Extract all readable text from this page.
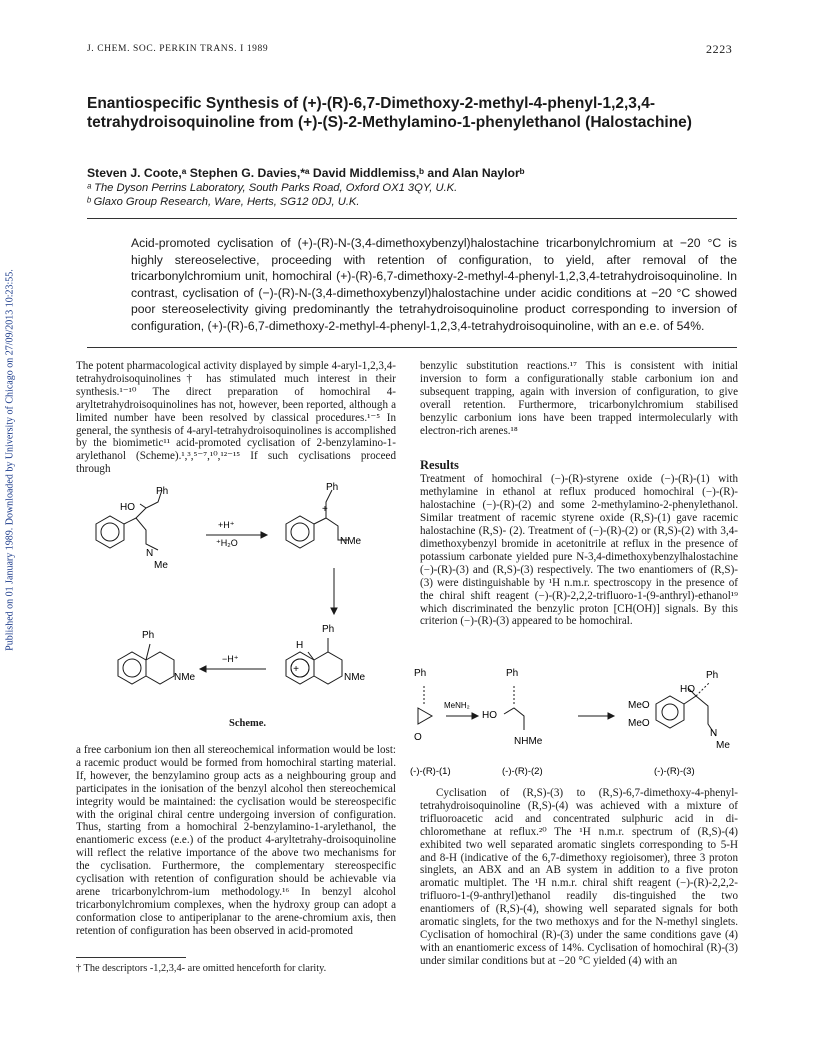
Published on 01 January 1989. Downloaded by University of Chicago on 27/09/2013 10:23:55.
J. CHEM. SOC. PERKIN TRANS. I 1989	2223
Enantiospecific Synthesis of (+)-(R)-6,7-Dimethoxy-2-methyl-4-phenyl-1,2,3,4-tetrahydroisoquinoline from (+)-(S)-2-Methylamino-1-phenylethanol (Halostachine)
Steven J. Coote,ᵃ Stephen G. Davies,*ᵃ David Middlemiss,ᵇ and Alan Naylorᵇ
ᵃ The Dyson Perrins Laboratory, South Parks Road, Oxford OX1 3QY, U.K.
ᵇ Glaxo Group Research, Ware, Herts, SG12 0DJ, U.K.
Acid-promoted cyclisation of (+)-(R)-N-(3,4-dimethoxybenzyl)halostachine tricarbonylchromium at −20 °C is highly stereoselective, proceeding with retention of configuration, to yield, after removal of the tricarbonylchromium unit, homochiral (+)-(R)-6,7-dimethoxy-2-methyl-4-phenyl-1,2,3,4-tetrahydroisoquinoline. In contrast, cyclisation of (−)-(R)-N-(3,4-dimethoxybenzyl)halostachine under acidic conditions at −20 °C showed poor stereoselectivity giving predominantly the tetrahydroisoquinoline product corresponding to inversion of configuration, (+)-(R)-6,7-dimethoxy-2-methyl-4-phenyl-1,2,3,4-tetrahydroisoquinoline, with an e.e. of 54%.

The potent pharmacological activity displayed by simple 4-aryl-1,2,3,4-tetrahydroisoquinolines† has stimulated much interest in their synthesis.¹⁻¹⁰ The direct preparation of homochiral 4-aryltetrahydroisoquinolines has not, however, been reported, although a limited number have been resolved by classical procedures.¹⁻⁵ In general, the synthesis of 4-aryl-tetrahydroisoquinolines is accomplished by the biomimetic¹¹ acid-promoted cyclisation of 2-benzylamino-1-arylethanol (Scheme).¹,³,⁵⁻⁷,¹⁰,¹²⁻¹⁵ If such cyclisations proceed through

Ph
HO
N
Me
+H⁺
⁺H₂O
Ph
+
NMe
Ph
H
+
NMe
−H⁺
Ph
NMe
Scheme.

a free carbonium ion then all stereochemical information would be lost: a racemic product would be formed from homochiral starting material. If, however, the benzylamino group acts as a neighbouring group and participates in the ionisation of the benzyl alcohol then stereochemical integrity would be maintained: the cyclisation would be stereospecific with the original chiral centre undergoing inversion of configuration. Thus, starting from a homochiral 2-benzylamino-1-arylethanol, the enantiomeric excess (e.e.) of the product 4-aryltetrahy-droisoquinoline will reflect the relative importance of the above two mechanisms for the cyclisation. Furthermore, the complementary stereospecific cyclisation with retention of configuration should be achievable via arene tricarbonylchrom-ium methodology.¹⁶ In benzyl alcohol tricarbonylchromium complexes, when the hydroxy group can adopt a conformation close to antiperiplanar to the arene-chromium axis, then retention of configuration has been observed in acid-promoted

† The descriptors -1,2,3,4- are omitted henceforth for clarity.

benzylic substitution reactions.¹⁷ This is consistent with initial inversion to form a configurationally stable carbonium ion and subsequent trapping, again with inversion of configuration, to give overall retention. Furthermore, tricarbonylchromium stabilised benzylic carbonium ions have been trapped intermolecularly with electron-rich arenes.¹⁸

Results

Treatment of homochiral (−)-(R)-styrene oxide (−)-(R)-(1) with methylamine in ethanol at reflux produced homochiral (−)-(R)-halostachine (−)-(R)-(2) and some 2-methylamino-2-phenylethanol. Similar treatment of racemic styrene oxide (R,S)-(1) gave racemic halostachine (R,S)- (2). Treatment of (−)-(R)-(2) or (R,S)-(2) with 3,4-dimethoxybenzyl bromide in acetonitrile at reflux in the presence of potassium carbonate yielded pure N-3,4-dimethoxybenzylhalostachine (−)-(R)-(3) and (R,S)-(3) respectively. The two enantiomers of (R,S)-(3) were distinguishable by ¹H n.m.r. spectroscopy in the presence of the chiral shift reagent (−)-(R)-2,2,2-trifluoro-1-(9-anthryl)-ethanol¹⁹ which discriminated the benzylic proton [CH(OH)] signals. By this criterion (−)-(R)-(3) appeared to be homochiral.

Ph
O
MeNH₂
Ph
HO
NHMe
Ph
HO
MeO
MeO
N
Me
(-)-(R)-(1)	(-)-(R)-(2)	(-)-(R)-(3)

Cyclisation of (R,S)-(3) to (R,S)-6,7-dimethoxy-4-phenyl-tetrahydroisoquinoline (R,S)-(4) was achieved with a mixture of trifluoroacetic acid and concentrated sulphuric acid in di-chloromethane at reflux.²⁰ The ¹H n.m.r. spectrum of (R,S)-(4) exhibited two well separated aromatic singlets corresponding to 5-H and 8-H (indicative of the 6,7-dimethoxy regioisomer), three 3 proton singlets, an ABX and an AB system in addition to a five proton aromatic multiplet. The ¹H n.m.r. chiral shift reagent (−)-(R)-2,2,2-trifluoro-1-(9-anthryl)ethanol readily dis-tinguished the two enantiomers of (R,S)-(4), showing well separated signals for both aromatic singlets, for the two methoxys and for the N-methyl singlets. Cyclisation of homochiral (R)-(3) under the same conditions gave (4) with an enantiomeric excess of 14%. Cyclisation of homochiral (R)-(3) under similar conditions but at −20 °C yielded (4) with an
